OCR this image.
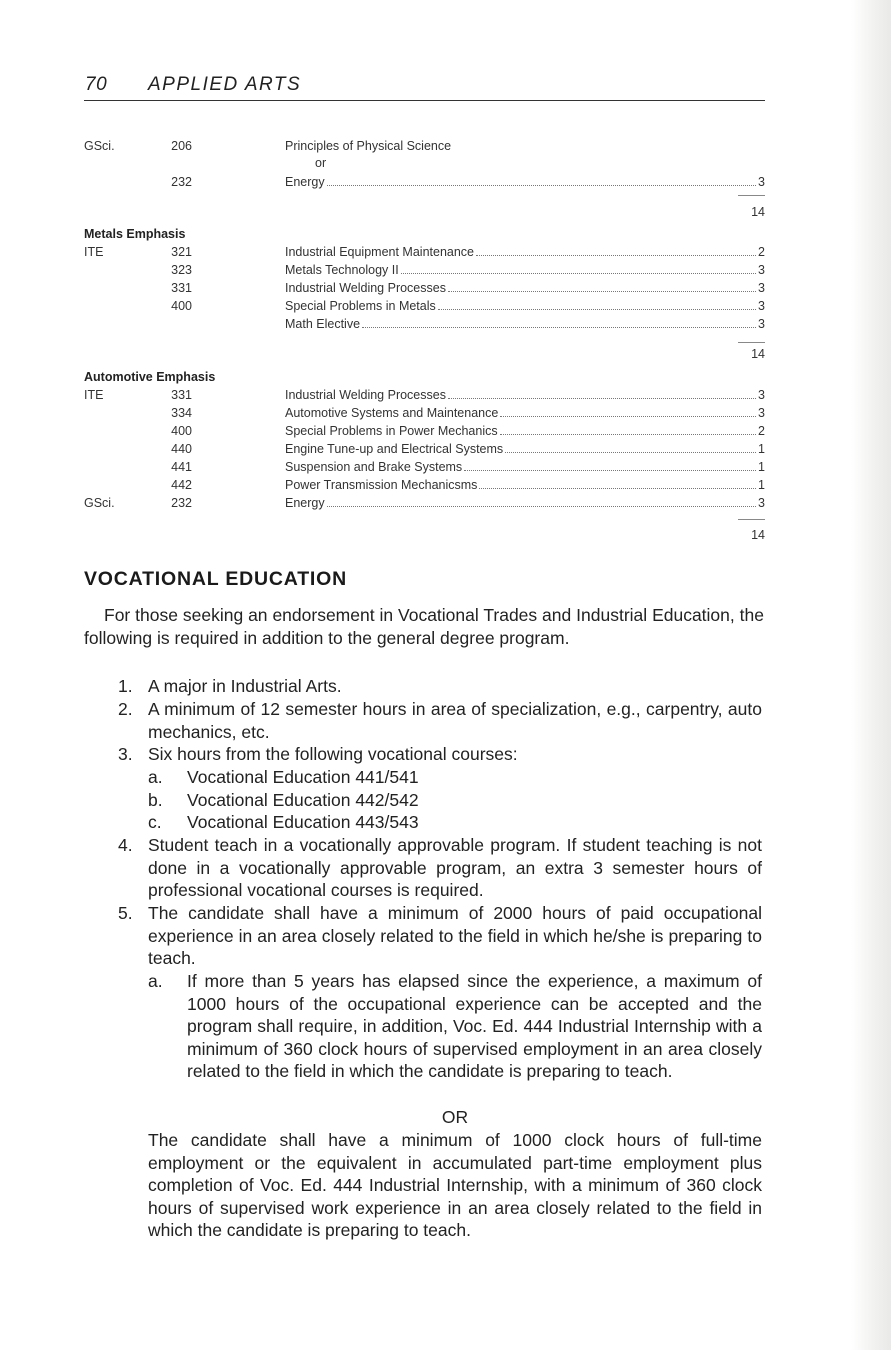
70 APPLIED ARTS
GSci.	206	Principles of Physical Science
or
232	Energy	3
14
Metals Emphasis
ITE	321	Industrial Equipment Maintenance	2
323	Metals Technology II	3
331	Industrial Welding Processes	3
400	Special Problems in Metals	3
Math Elective	3
14
Automotive Emphasis
ITE	331	Industrial Welding Processes	3
334	Automotive Systems and Maintenance	3
400	Special Problems in Power Mechanics	2
440	Engine Tune-up and Electrical Systems	1
441	Suspension and Brake Systems	1
442	Power Transmission Mechanicsms	1
GSci.	232	Energy	3
14
VOCATIONAL EDUCATION
For those seeking an endorsement in Vocational Trades and Industrial Education, the following is required in addition to the general degree program.
1. A major in Industrial Arts.
2. A minimum of 12 semester hours in area of specialization, e.g., carpentry, auto mechanics, etc.
3. Six hours from the following vocational courses:
a. Vocational Education 441/541
b. Vocational Education 442/542
c. Vocational Education 443/543
4. Student teach in a vocationally approvable program. If student teaching is not done in a vocationally approvable program, an extra 3 semester hours of professional vocational courses is required.
5. The candidate shall have a minimum of 2000 hours of paid occupational experience in an area closely related to the field in which he/she is preparing to teach.
a. If more than 5 years has elapsed since the experience, a maximum of 1000 hours of the occupational experience can be accepted and the program shall require, in addition, Voc. Ed. 444 Industrial Internship with a minimum of 360 clock hours of supervised employment in an area closely related to the field in which the candidate is preparing to teach.
OR
The candidate shall have a minimum of 1000 clock hours of full-time employment or the equivalent in accumulated part-time employment plus completion of Voc. Ed. 444 Industrial Internship, with a minimum of 360 clock hours of supervised work experience in an area closely related to the field in which the candidate is preparing to teach.
